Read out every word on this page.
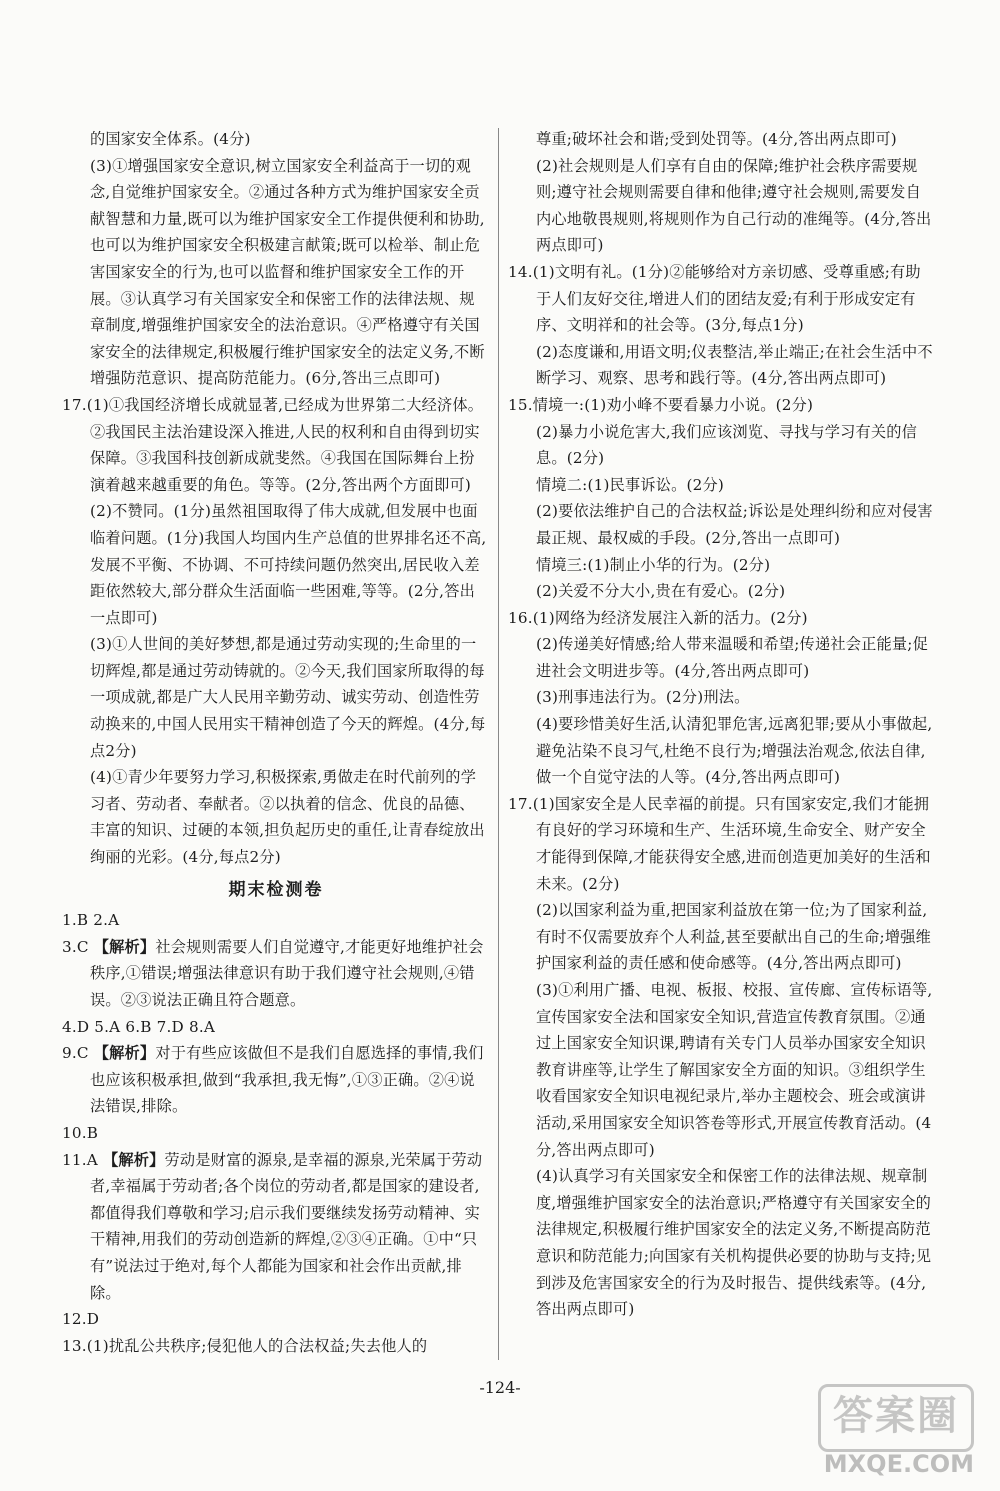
的国家安全体系。(4分)

(3)①增强国家安全意识,树立国家安全利益高于一切的观念,自觉维护国家安全。②通过各种方式为维护国家安全贡献智慧和力量,既可以为维护国家安全工作提供便利和协助,也可以为维护国家安全积极建言献策;既可以检举、制止危害国家安全的行为,也可以监督和维护国家安全工作的开展。③认真学习有关国家安全和保密工作的法律法规、规章制度,增强维护国家安全的法治意识。④严格遵守有关国家安全的法律规定,积极履行维护国家安全的法定义务,不断增强防范意识、提高防范能力。(6分,答出三点即可)

17.(1)①我国经济增长成就显著,已经成为世界第二大经济体。②我国民主法治建设深入推进,人民的权利和自由得到切实保障。③我国科技创新成就斐然。④我国在国际舞台上扮演着越来越重要的角色。等等。(2分,答出两个方面即可)

(2)不赞同。(1分)虽然祖国取得了伟大成就,但发展中也面临着问题。(1分)我国人均国内生产总值的世界排名还不高,发展不平衡、不协调、不可持续问题仍然突出,居民收入差距依然较大,部分群众生活面临一些困难,等等。(2分,答出一点即可)

(3)①人世间的美好梦想,都是通过劳动实现的;生命里的一切辉煌,都是通过劳动铸就的。②今天,我们国家所取得的每一项成就,都是广大人民用辛勤劳动、诚实劳动、创造性劳动换来的,中国人民用实干精神创造了今天的辉煌。(4分,每点2分)

(4)①青少年要努力学习,积极探索,勇做走在时代前列的学习者、劳动者、奉献者。②以执着的信念、优良的品德、丰富的知识、过硬的本领,担负起历史的重任,让青春绽放出绚丽的光彩。(4分,每点2分)

期末检测卷

1.B 2.A

3.C 【解析】社会规则需要人们自觉遵守,才能更好地维护社会秩序,①错误;增强法律意识有助于我们遵守社会规则,④错误。②③说法正确且符合题意。

4.D 5.A 6.B 7.D 8.A

9.C 【解析】对于有些应该做但不是我们自愿选择的事情,我们也应该积极承担,做到“我承担,我无悔”,①③正确。②④说法错误,排除。

10.B

11.A 【解析】劳动是财富的源泉,是幸福的源泉,光荣属于劳动者,幸福属于劳动者;各个岗位的劳动者,都是国家的建设者,都值得我们尊敬和学习;启示我们要继续发扬劳动精神、实干精神,用我们的劳动创造新的辉煌,②③④正确。①中“只有”说法过于绝对,每个人都能为国家和社会作出贡献,排除。

12.D

13.(1)扰乱公共秩序;侵犯他人的合法权益;失去他人的

尊重;破坏社会和谐;受到处罚等。(4分,答出两点即可)

(2)社会规则是人们享有自由的保障;维护社会秩序需要规则;遵守社会规则需要自律和他律;遵守社会规则,需要发自内心地敬畏规则,将规则作为自己行动的准绳等。(4分,答出两点即可)

14.(1)文明有礼。(1分)②能够给对方亲切感、受尊重感;有助于人们友好交往,增进人们的团结友爱;有利于形成安定有序、文明祥和的社会等。(3分,每点1分)

(2)态度谦和,用语文明;仪表整洁,举止端正;在社会生活中不断学习、观察、思考和践行等。(4分,答出两点即可)

15.情境一:(1)劝小峰不要看暴力小说。(2分)

(2)暴力小说危害大,我们应该浏览、寻找与学习有关的信息。(2分)

情境二:(1)民事诉讼。(2分)

(2)要依法维护自己的合法权益;诉讼是处理纠纷和应对侵害最正规、最权威的手段。(2分,答出一点即可)

情境三:(1)制止小华的行为。(2分)

(2)关爱不分大小,贵在有爱心。(2分)

16.(1)网络为经济发展注入新的活力。(2分)

(2)传递美好情感;给人带来温暖和希望;传递社会正能量;促进社会文明进步等。(4分,答出两点即可)

(3)刑事违法行为。(2分)刑法。

(4)要珍惜美好生活,认清犯罪危害,远离犯罪;要从小事做起,避免沾染不良习气,杜绝不良行为;增强法治观念,依法自律,做一个自觉守法的人等。(4分,答出两点即可)

17.(1)国家安全是人民幸福的前提。只有国家安定,我们才能拥有良好的学习环境和生产、生活环境,生命安全、财产安全才能得到保障,才能获得安全感,进而创造更加美好的生活和未来。(2分)

(2)以国家利益为重,把国家利益放在第一位;为了国家利益,有时不仅需要放弃个人利益,甚至要献出自己的生命;增强维护国家利益的责任感和使命感等。(4分,答出两点即可)

(3)①利用广播、电视、板报、校报、宣传廊、宣传标语等,宣传国家安全法和国家安全知识,营造宣传教育氛围。②通过上国家安全知识课,聘请有关专门人员举办国家安全知识教育讲座等,让学生了解国家安全方面的知识。③组织学生收看国家安全知识电视纪录片,举办主题校会、班会或演讲活动,采用国家安全知识答卷等形式,开展宣传教育活动。(4分,答出两点即可)

(4)认真学习有关国家安全和保密工作的法律法规、规章制度,增强维护国家安全的法治意识;严格遵守有关国家安全的法律规定,积极履行维护国家安全的法定义务,不断提高防范意识和防范能力;向国家有关机构提供必要的协助与支持;见到涉及危害国家安全的行为及时报告、提供线索等。(4分,答出两点即可)

-124-
答案圈
MXQE.COM
